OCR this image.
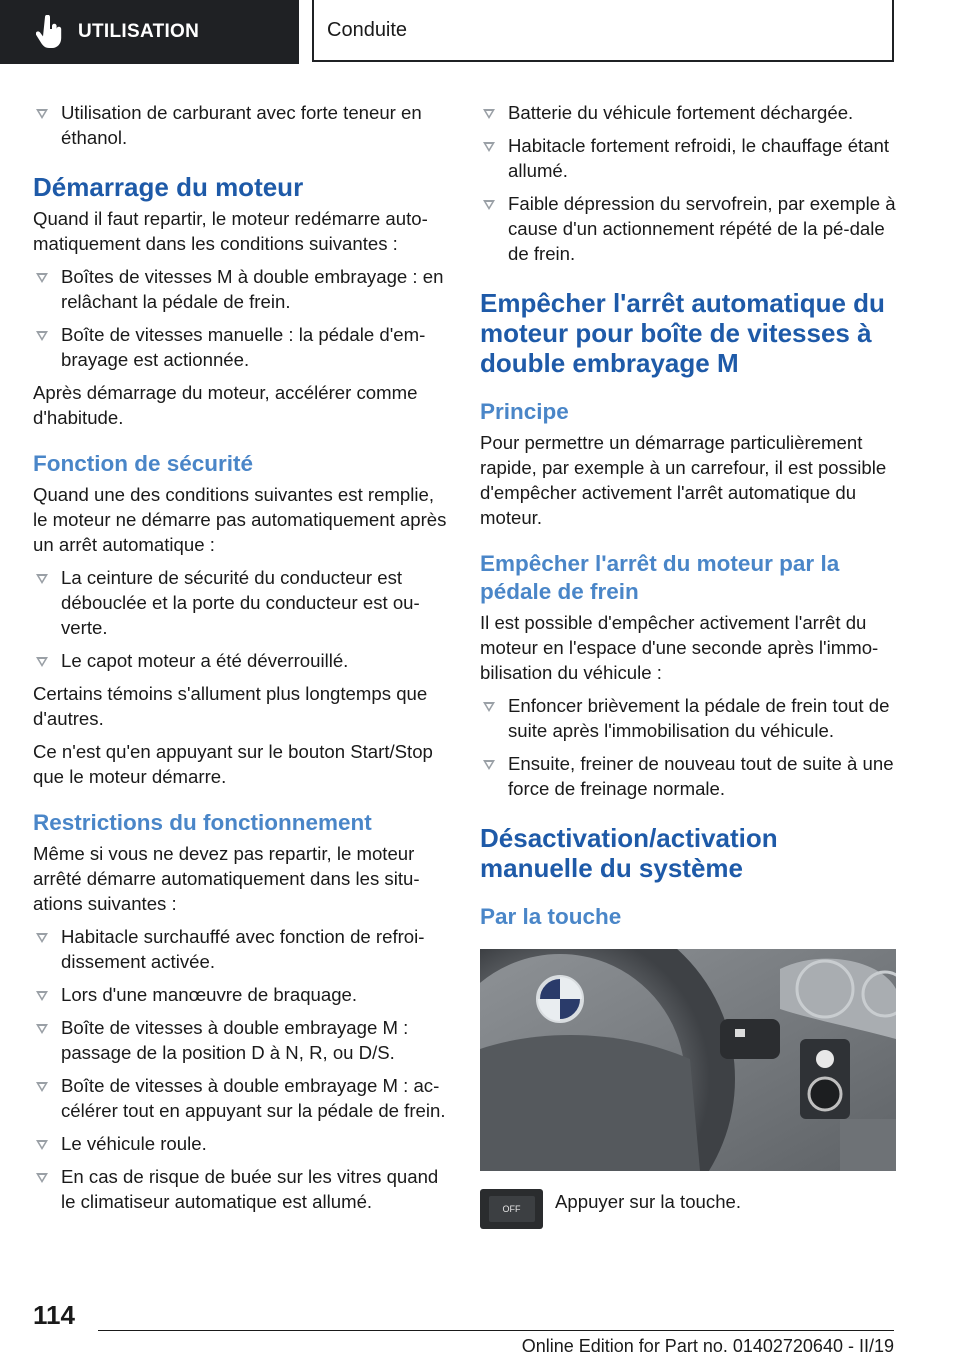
UTILISATION	Conduite
Utilisation de carburant avec forte teneur en éthanol.
Démarrage du moteur

Quand il faut repartir, le moteur redémarre auto-matiquement dans les conditions suivantes :

Boîtes de vitesses M à double embrayage : en relâchant la pédale de frein.
Boîte de vitesses manuelle : la pédale d'em-brayage est actionnée.

Après démarrage du moteur, accélérer comme d'habitude.

Fonction de sécurité

Quand une des conditions suivantes est remplie, le moteur ne démarre pas automatiquement après un arrêt automatique :

La ceinture de sécurité du conducteur est débouclée et la porte du conducteur est ou-verte.
Le capot moteur a été déverrouillé.

Certains témoins s'allument plus longtemps que d'autres.

Ce n'est qu'en appuyant sur le bouton Start/Stop que le moteur démarre.

Restrictions du fonctionnement

Même si vous ne devez pas repartir, le moteur arrêté démarre automatiquement dans les situ-ations suivantes :

Habitacle surchauffé avec fonction de refroi-dissement activée.
Lors d'une manœuvre de braquage.
Boîte de vitesses à double embrayage M : passage de la position D à N, R, ou D/S.
Boîte de vitesses à double embrayage M : ac-célérer tout en appuyant sur la pédale de frein.
Le véhicule roule.
En cas de risque de buée sur les vitres quand le climatiseur automatique est allumé.
Batterie du véhicule fortement déchargée.
Habitacle fortement refroidi, le chauffage étant allumé.
Faible dépression du servofrein, par exemple à cause d'un actionnement répété de la pé-dale de frein.
Empêcher l'arrêt automatique du moteur pour boîte de vitesses à double embrayage M
Principe

Pour permettre un démarrage particulièrement rapide, par exemple à un carrefour, il est possible d'empêcher activement l'arrêt automatique du moteur.

Empêcher l'arrêt du moteur par la pédale de frein

Il est possible d'empêcher activement l'arrêt du moteur en l'espace d'une seconde après l'immo-bilisation du véhicule :

Enfoncer brièvement la pédale de frein tout de suite après l'immobilisation du véhicule.
Ensuite, freiner de nouveau tout de suite à une force de freinage normale.
Désactivation/activation manuelle du système
Par la touche
OFF Appuyer sur la touche.
114
Online Edition for Part no. 01402720640 - II/19
